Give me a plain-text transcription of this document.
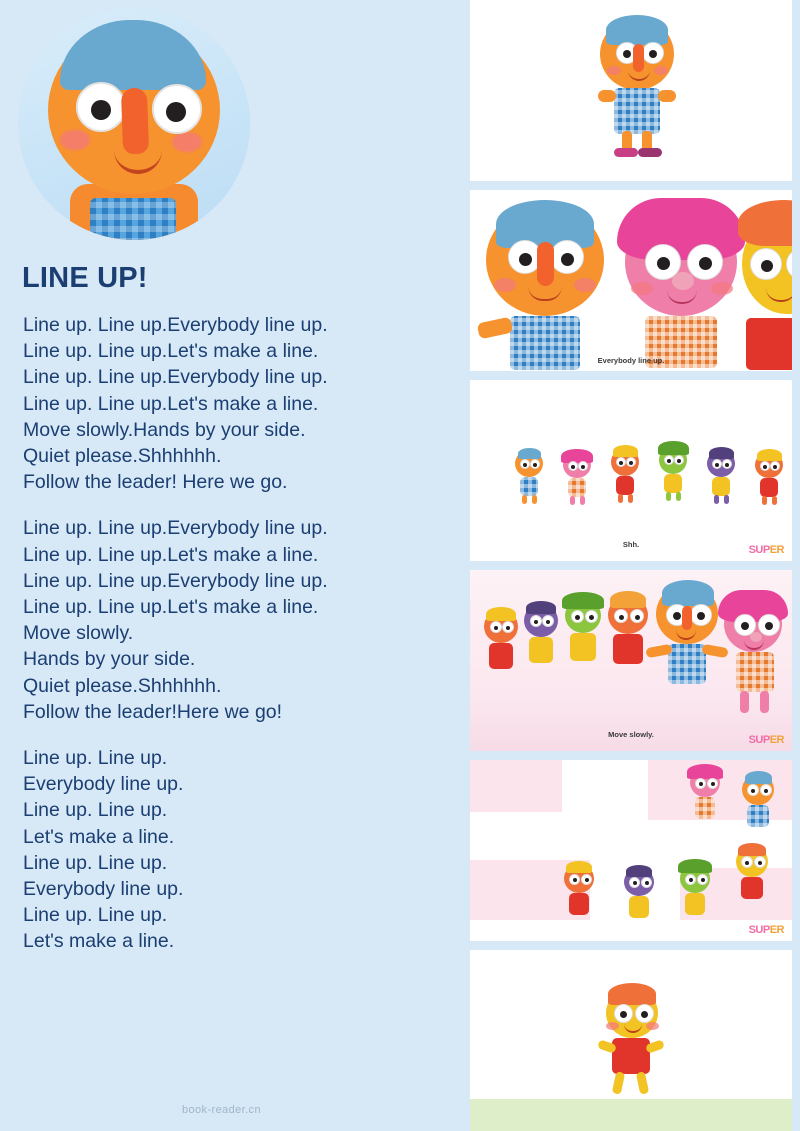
LINE UP!
Line up. Line up.Everybody line up.
Line up. Line up.Let's make a line.
Line up. Line up.Everybody line up.
Line up. Line up.Let's make a line.
Move slowly.Hands by your side.
Quiet please.Shhhhhh.
Follow the leader! Here we go.
Line up. Line up.Everybody line up.
Line up. Line up.Let's make a line.
Line up. Line up.Everybody line up.
Line up. Line up.Let's make a line.
Move slowly.
Hands by your side.
Quiet please.Shhhhhh.
Follow the leader!Here we go!
Line up. Line up.
Everybody line up.
Line up. Line up.
Let's make a line.
Line up. Line up.
Everybody line up.
Line up. Line up.
Let's make a line.
book-reader.cn
Everybody line up.
Shh.	SUPER
Move slowly.	SUPER
SUPER
